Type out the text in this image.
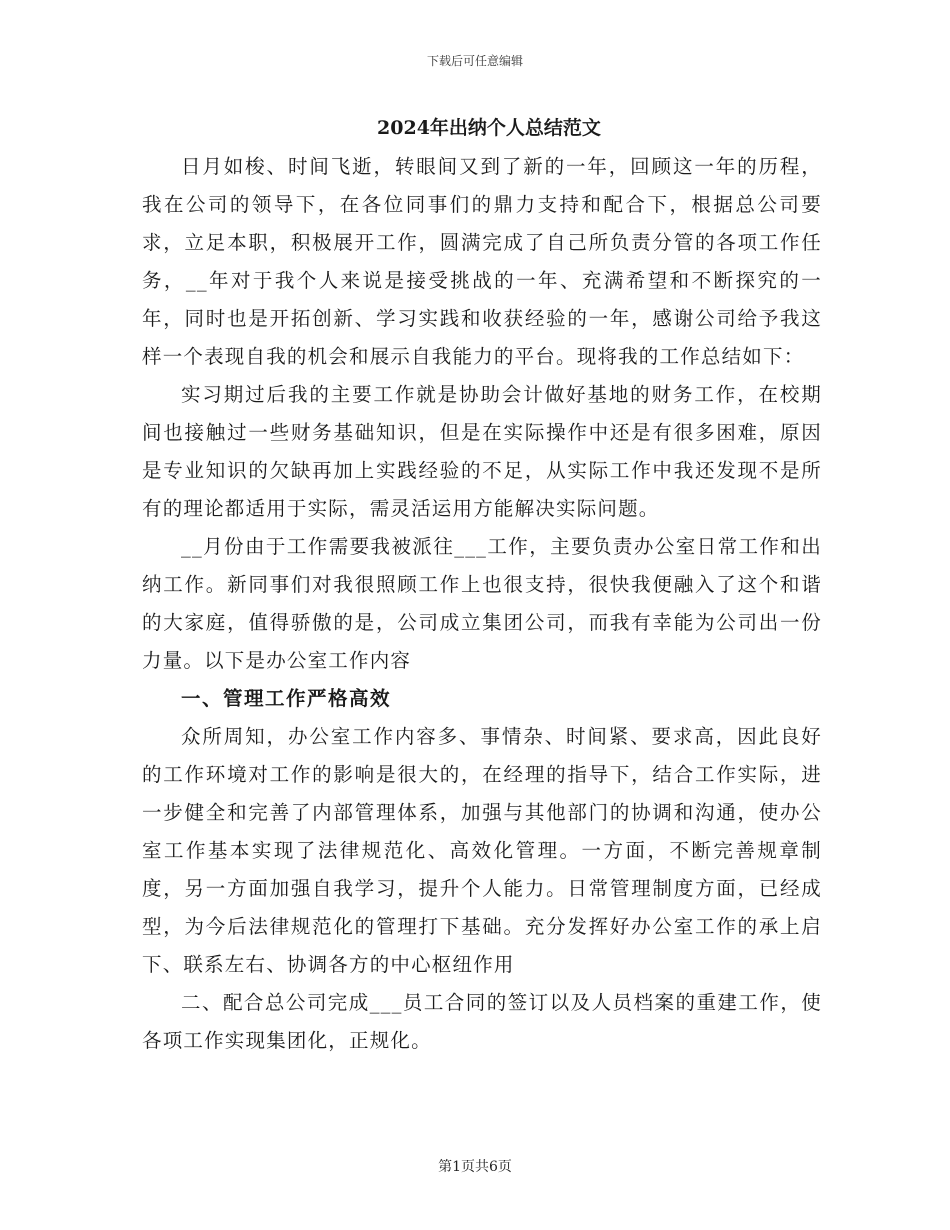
下载后可任意编辑
2024年出纳个人总结范文

日月如梭、时间飞逝，转眼间又到了新的一年，回顾这一年的历程，我在公司的领导下，在各位同事们的鼎力支持和配合下，根据总公司要求，立足本职，积极展开工作，圆满完成了自己所负责分管的各项工作任务，__年对于我个人来说是接受挑战的一年、充满希望和不断探究的一年，同时也是开拓创新、学习实践和收获经验的一年，感谢公司给予我这样一个表现自我的机会和展示自我能力的平台。现将我的工作总结如下：

实习期过后我的主要工作就是协助会计做好基地的财务工作，在校期间也接触过一些财务基础知识，但是在实际操作中还是有很多困难，原因是专业知识的欠缺再加上实践经验的不足，从实际工作中我还发现不是所有的理论都适用于实际，需灵活运用方能解决实际问题。

__月份由于工作需要我被派往___工作，主要负责办公室日常工作和出纳工作。新同事们对我很照顾工作上也很支持，很快我便融入了这个和谐的大家庭，值得骄傲的是，公司成立集团公司，而我有幸能为公司出一份力量。以下是办公室工作内容

一、管理工作严格高效

众所周知，办公室工作内容多、事情杂、时间紧、要求高，因此良好的工作环境对工作的影响是很大的，在经理的指导下，结合工作实际，进一步健全和完善了内部管理体系，加强与其他部门的协调和沟通，使办公室工作基本实现了法律规范化、高效化管理。一方面，不断完善规章制度，另一方面加强自我学习，提升个人能力。日常管理制度方面，已经成型，为今后法律规范化的管理打下基础。充分发挥好办公室工作的承上启下、联系左右、协调各方的中心枢纽作用

二、配合总公司完成___员工合同的签订以及人员档案的重建工作，使各项工作实现集团化，正规化。

第1页共6页
